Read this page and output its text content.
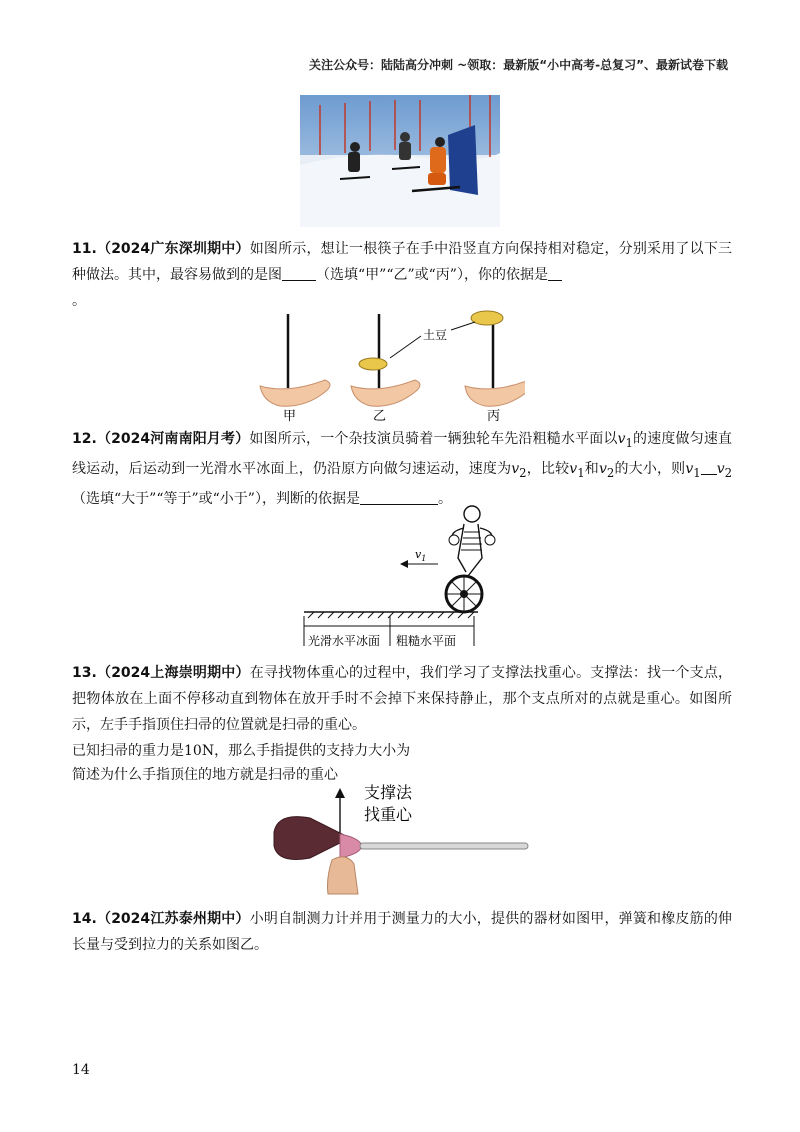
关注公众号：陆陆高分冲刺 ~领取：最新版“小中高考-总复习”、最新试卷下载
11.（2024广东深圳期中）如图所示，想让一根筷子在手中沿竖直方向保持相对稳定，分别采用了以下三种做法。其中，最容易做到的是图 （选填“甲”“乙”或“丙”），你的依据是
。
土豆
甲	乙	丙
12.（2024河南南阳月考）如图所示，一个杂技演员骑着一辆独轮车先沿粗糙水平面以$v_1$的速度做匀速直线运动，后运动到一光滑水平冰面上，仍沿原方向做匀速运动，速度为$v_2$，比较$v_1$和$v_2$的大小，则$v_1$ $v_2$（选填“大于”“等于”或“小于”），判断的依据是	。
光滑水平冰面 粗糙水平面
$v_1$
13.（2024上海崇明期中）在寻找物体重心的过程中，我们学习了支撑法找重心。支撑法：找一个支点，把物体放在上面不停移动直到物体在放开手时不会掉下来保持静止，那个支点所对的点就是重心。如图所示，左手手指顶住扫帚的位置就是扫帚的重心。
已知扫帚的重力是10N，那么手指提供的支持力大小为
简述为什么手指顶住的地方就是扫帚的重心
支撑法
找重心
14.（2024江苏泰州期中）小明自制测力计并用于测量力的大小，提供的器材如图甲，弹簧和橡皮筋的伸长量与受到拉力的关系如图乙。
14
